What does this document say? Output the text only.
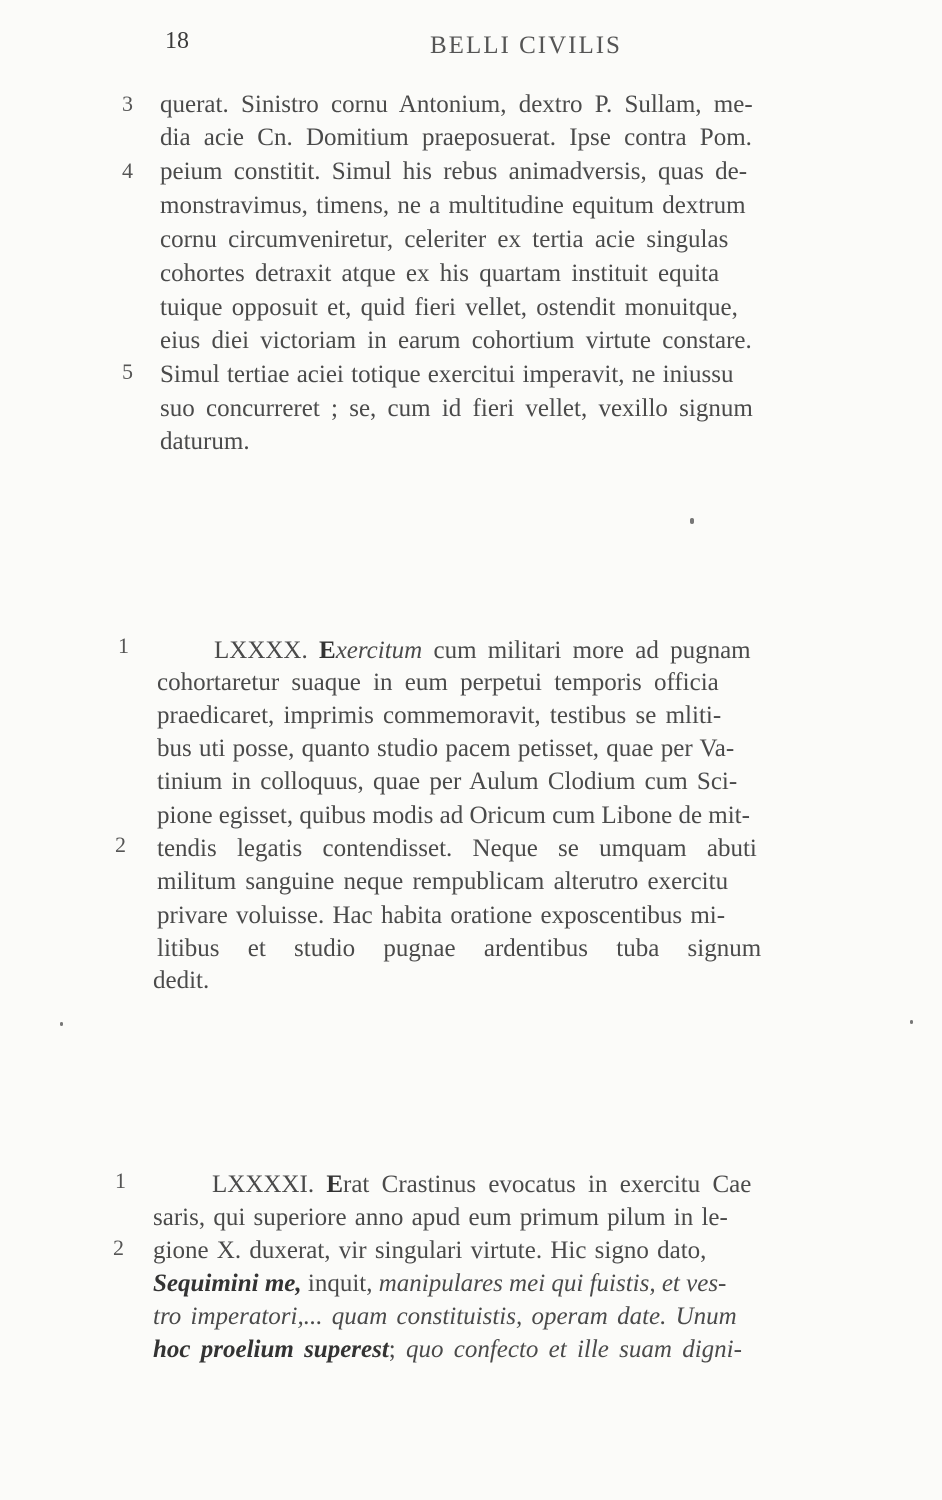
18	BELLI CIVILIS
3
4
5
querat. Sinistro cornu Antonium, dextro P. Sullam, me-
dia acie Cn. Domitium praeposuerat. Ipse contra Pom.
peium constitit. Simul his rebus animadversis, quas de-
monstravimus, timens, ne a multitudine equitum dextrum
cornu circumveniretur, celeriter ex tertia acie singulas
cohortes detraxit atque ex his quartam instituit equita
tuique opposuit et, quid fieri vellet, ostendit monuitque,
eius diei victoriam in earum cohortium virtute constare.
Simul tertiae aciei totique exercitui imperavit, ne iniussu
suo concurreret ; se, cum id fieri vellet, vexillo signum
daturum.
1
2
LXXXX. Exercitum cum militari more ad pugnam
cohortaretur suaque in eum perpetui temporis officia
praedicaret, imprimis commemoravit, testibus se mliti-
bus uti posse, quanto studio pacem petisset, quae per Va-
tinium in colloquus, quae per Aulum Clodium cum Sci-
pione egisset, quibus modis ad Oricum cum Libone de mit-
tendis legatis contendisset. Neque se umquam abuti
militum sanguine neque rempublicam alterutro exercitu
privare voluisse. Hac habita oratione exposcentibus mi-
litibus et studio pugnae ardentibus tuba signum
dedit.
1
2
LXXXXI. Erat Crastinus evocatus in exercitu Cae
saris, qui superiore anno apud eum primum pilum in le-
gione X. duxerat, vir singulari virtute. Hic signo dato,
Sequimini me, inquit, manipulares mei qui fuistis, et ves-
tro imperatori,... quam constituistis, operam date. Unum
hoc proelium superest; quo confecto et ille suam digni-
